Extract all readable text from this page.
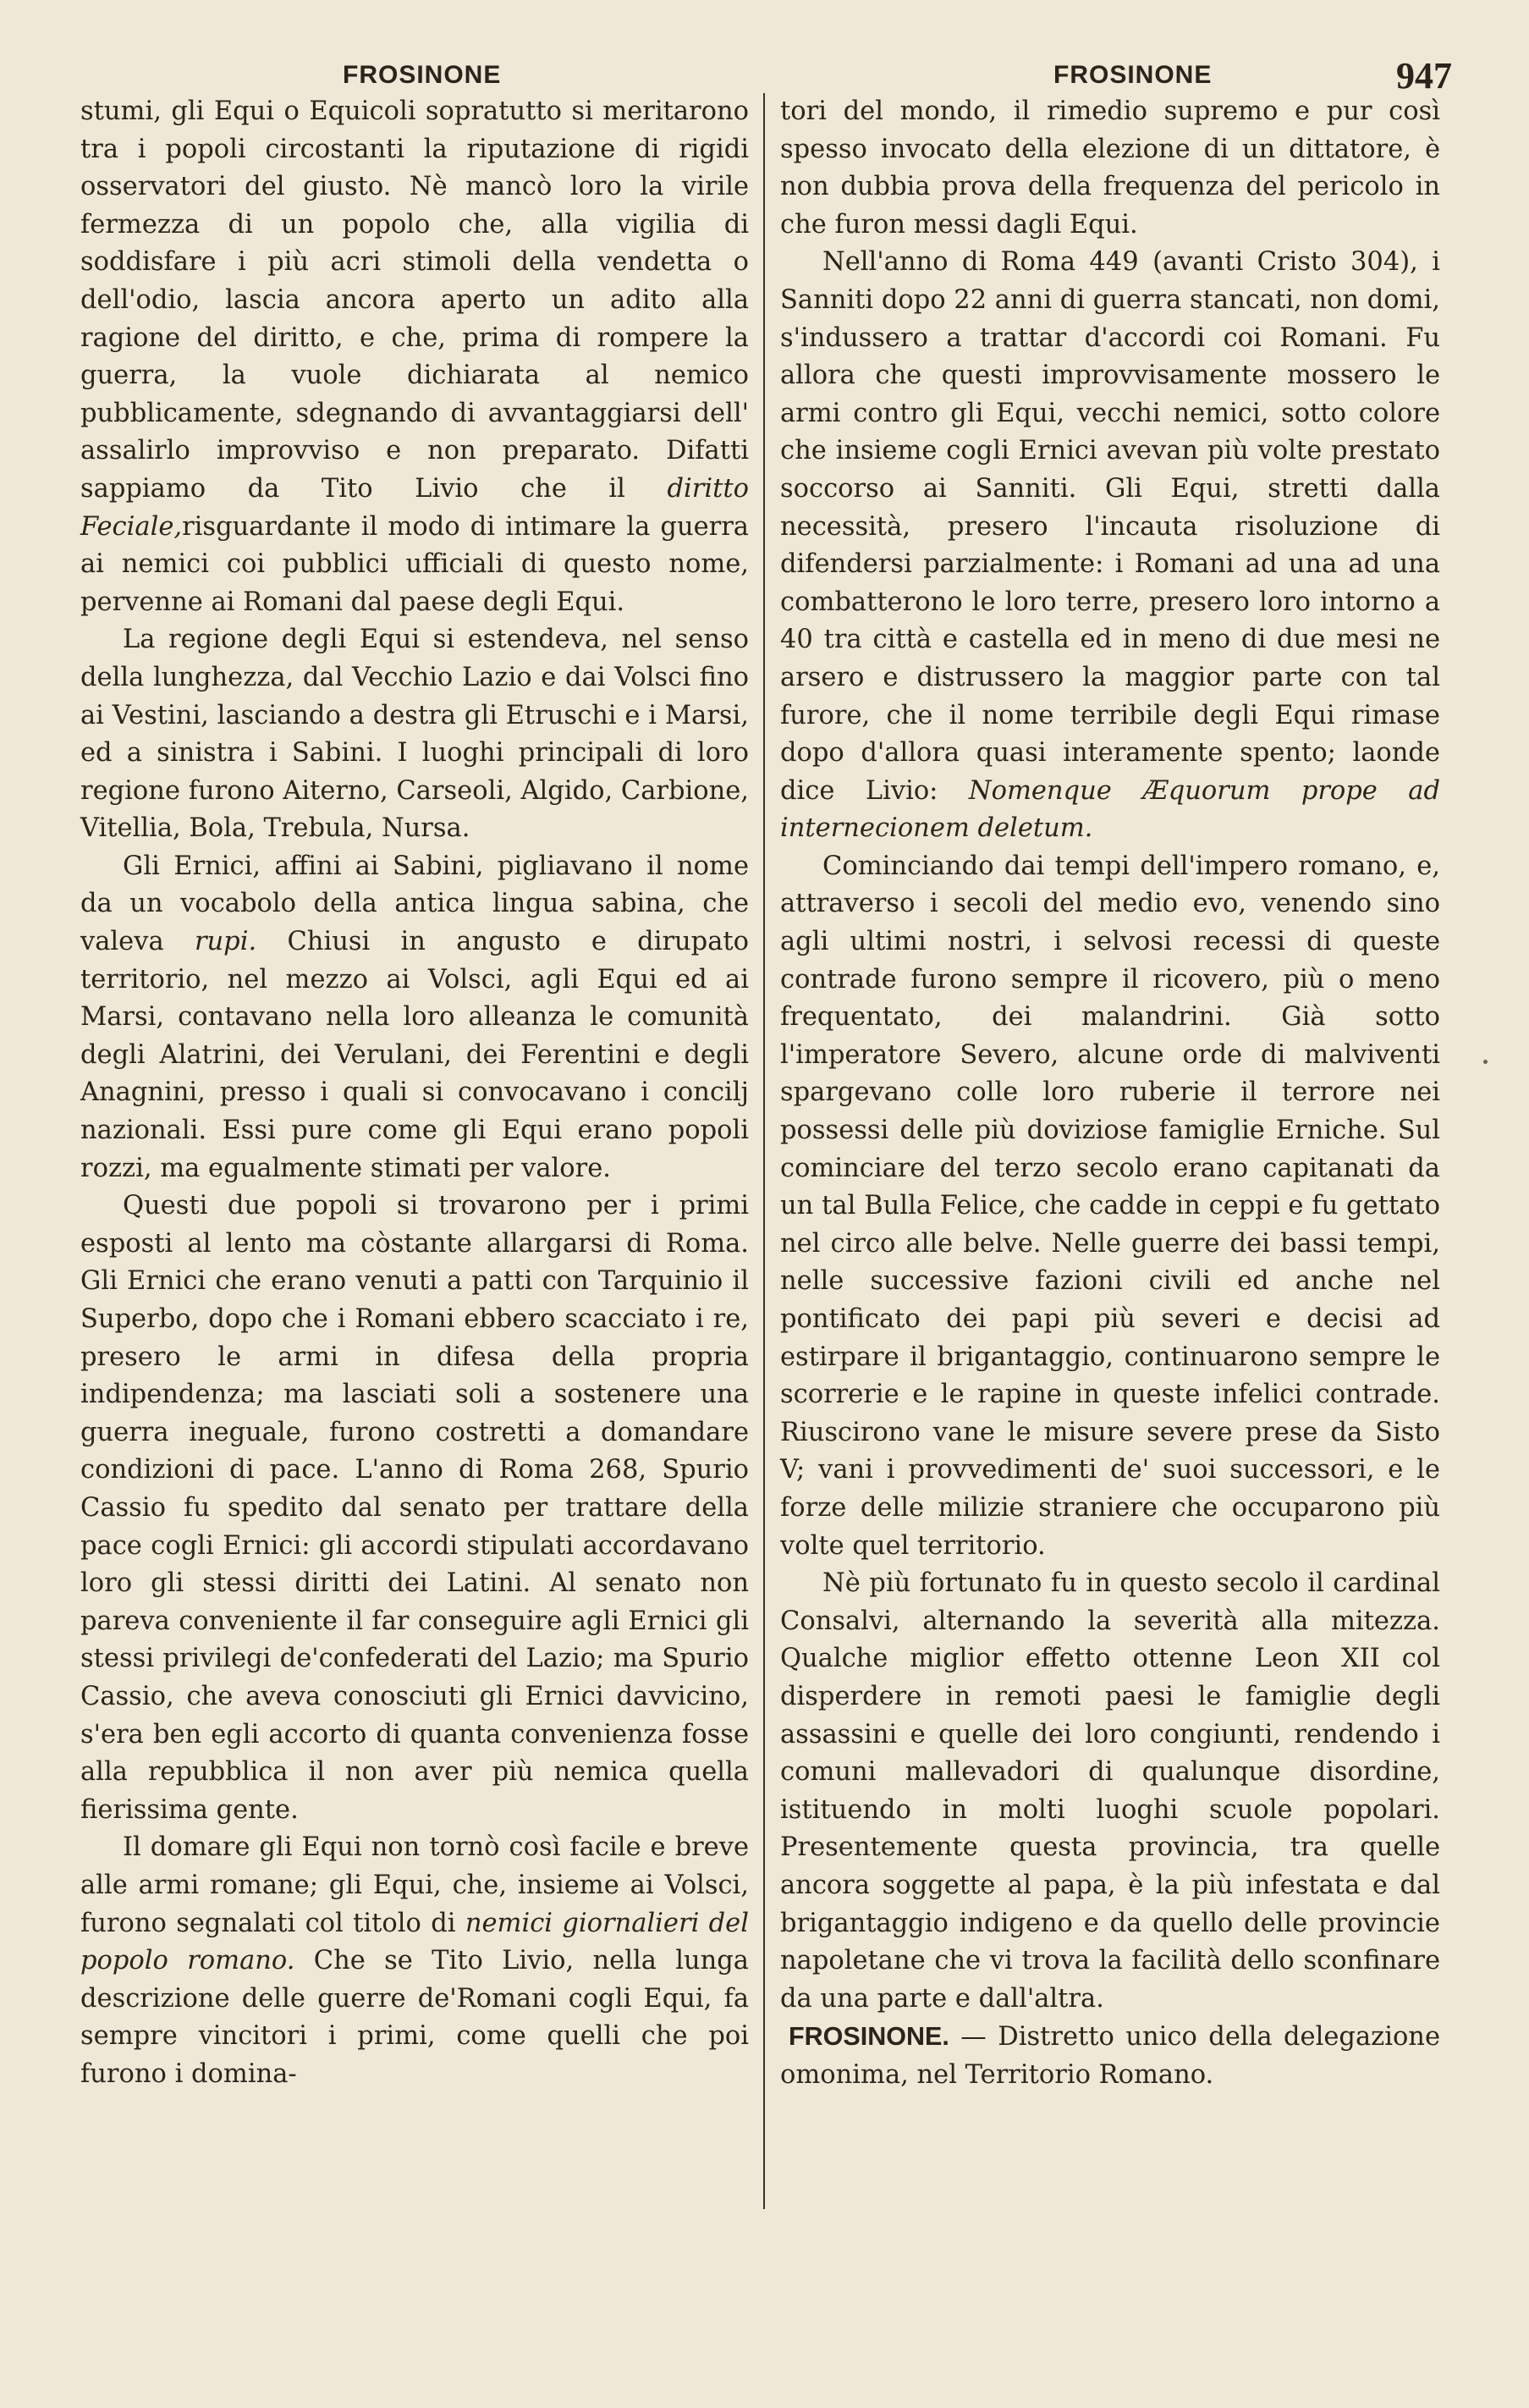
FROSINONE	FROSINONE	947

stumi, gli Equi o Equicoli sopratutto si meritarono tra i popoli circostanti la riputazione di rigidi osservatori del giusto. Nè mancò loro la virile fermezza di un popolo che, alla vigilia di soddisfare i più acri stimoli della vendetta o dell'odio, lascia ancora aperto un adito alla ragione del diritto, e che, prima di rompere la guerra, la vuole dichiarata al nemico pubblicamente, sdegnando di avvantaggiarsi dell' assalirlo improvviso e non preparato. Difatti sappiamo da Tito Livio che il diritto Feciale,risguardante il modo di intimare la guerra ai nemici coi pubblici ufficiali di questo nome, pervenne ai Romani dal paese degli Equi.

La regione degli Equi si estendeva, nel senso della lunghezza, dal Vecchio Lazio e dai Volsci fino ai Vestini, lasciando a destra gli Etruschi e i Marsi, ed a sinistra i Sabini. I luoghi principali di loro regione furono Aiterno, Carseoli, Algido, Carbione, Vitellia, Bola, Trebula, Nursa.

Gli Ernici, affini ai Sabini, pigliavano il nome da un vocabolo della antica lingua sabina, che valeva rupi. Chiusi in angusto e dirupato territorio, nel mezzo ai Volsci, agli Equi ed ai Marsi, contavano nella loro alleanza le comunità degli Alatrini, dei Verulani, dei Ferentini e degli Anagnini, presso i quali si convocavano i concilj nazionali. Essi pure come gli Equi erano popoli rozzi, ma egualmente stimati per valore.

Questi due popoli si trovarono per i primi esposti al lento ma còstante allargarsi di Roma. Gli Ernici che erano venuti a patti con Tarquinio il Superbo, dopo che i Romani ebbero scacciato i re, presero le armi in difesa della propria indipendenza; ma lasciati soli a sostenere una guerra ineguale, furono costretti a domandare condizioni di pace. L'anno di Roma 268, Spurio Cassio fu spedito dal senato per trattare della pace cogli Ernici: gli accordi stipulati accordavano loro gli stessi diritti dei Latini. Al senato non pareva conveniente il far conseguire agli Ernici gli stessi privilegi de'confederati del Lazio; ma Spurio Cassio, che aveva conosciuti gli Ernici davvicino, s'era ben egli accorto di quanta convenienza fosse alla repubblica il non aver più nemica quella fierissima gente.

Il domare gli Equi non tornò così facile e breve alle armi romane; gli Equi, che, insieme ai Volsci, furono segnalati col titolo di nemici giornalieri del popolo romano. Che se Tito Livio, nella lunga descrizione delle guerre de'Romani cogli Equi, fa sempre vincitori i primi, come quelli che poi furono i domina-

tori del mondo, il rimedio supremo e pur così spesso invocato della elezione di un dittatore, è non dubbia prova della frequenza del pericolo in che furon messi dagli Equi.

Nell'anno di Roma 449 (avanti Cristo 304), i Sanniti dopo 22 anni di guerra stancati, non domi, s'indussero a trattar d'accordi coi Romani. Fu allora che questi improvvisamente mossero le armi contro gli Equi, vecchi nemici, sotto colore che insieme cogli Ernici avevan più volte prestato soccorso ai Sanniti. Gli Equi, stretti dalla necessità, presero l'incauta risoluzione di difendersi parzialmente: i Romani ad una ad una combatterono le loro terre, presero loro intorno a 40 tra città e castella ed in meno di due mesi ne arsero e distrussero la maggior parte con tal furore, che il nome terribile degli Equi rimase dopo d'allora quasi interamente spento; laonde dice Livio: Nomenque Æquorum prope ad internecionem deletum.

Cominciando dai tempi dell'impero romano, e, attraverso i secoli del medio evo, venendo sino agli ultimi nostri, i selvosi recessi di queste contrade furono sempre il ricovero, più o meno frequentato, dei malandrini. Già sotto l'imperatore Severo, alcune orde di malviventi spargevano colle loro ruberie il terrore nei possessi delle più doviziose famiglie Erniche. Sul cominciare del terzo secolo erano capitanati da un tal Bulla Felice, che cadde in ceppi e fu gettato nel circo alle belve. Nelle guerre dei bassi tempi, nelle successive fazioni civili ed anche nel pontificato dei papi più severi e decisi ad estirpare il brigantaggio, continuarono sempre le scorrerie e le rapine in queste infelici contrade. Riuscirono vane le misure severe prese da Sisto V; vani i provvedimenti de' suoi successori, e le forze delle milizie straniere che occuparono più volte quel territorio.

Nè più fortunato fu in questo secolo il cardinal Consalvi, alternando la severità alla mitezza. Qualche miglior effetto ottenne Leon XII col disperdere in remoti paesi le famiglie degli assassini e quelle dei loro congiunti, rendendo i comuni mallevadori di qualunque disordine, istituendo in molti luoghi scuole popolari. Presentemente questa provincia, tra quelle ancora soggette al papa, è la più infestata e dal brigantaggio indigeno e da quello delle provincie napoletane che vi trova la facilità dello sconfinare da una parte e dall'altra.

FROSINONE. — Distretto unico della delegazione omonima, nel Territorio Romano.
